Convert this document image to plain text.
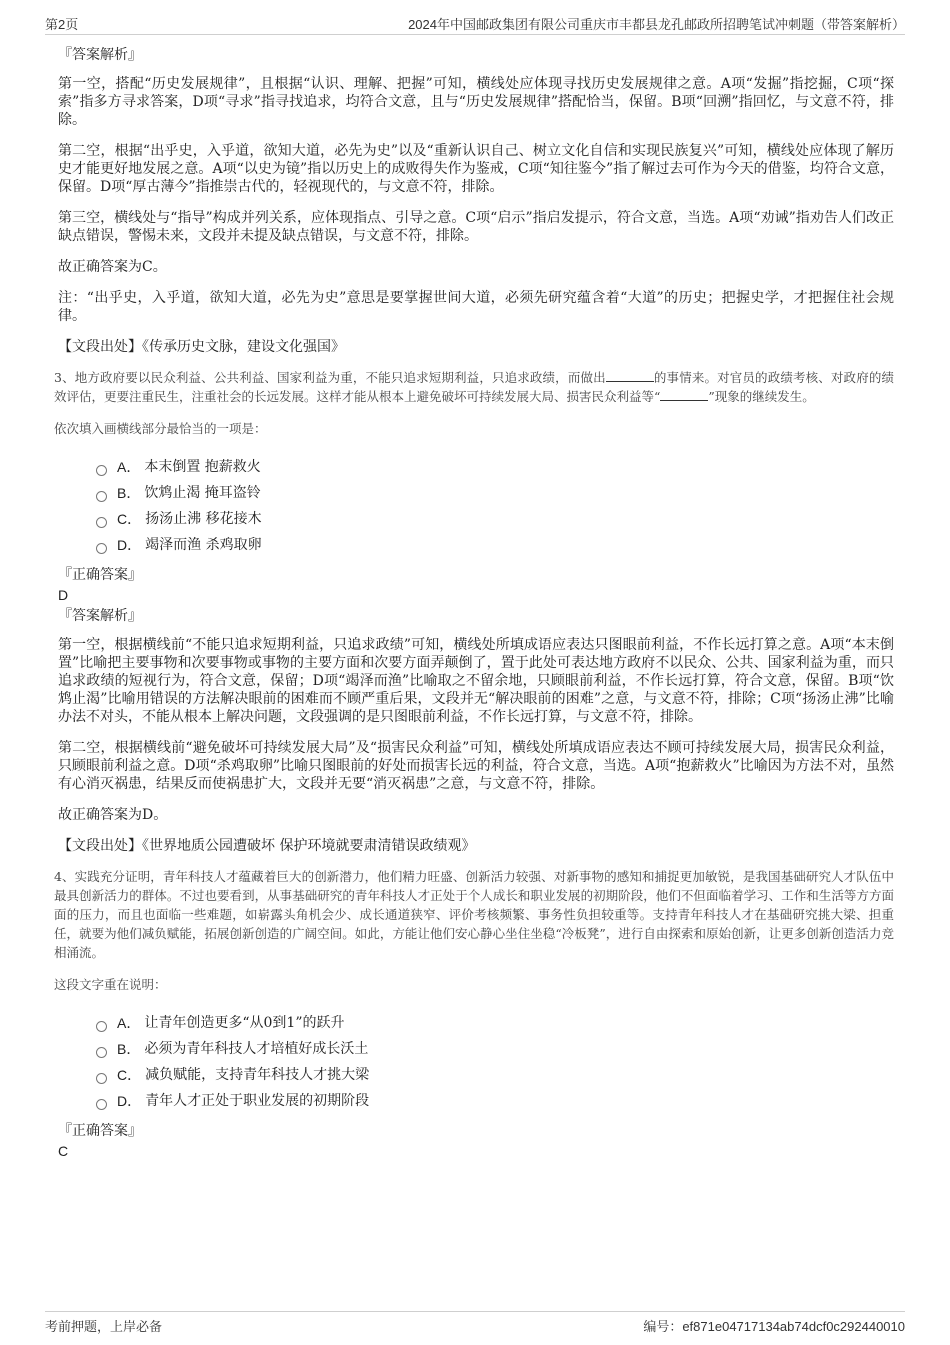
第2页	2024年中国邮政集团有限公司重庆市丰都县龙孔邮政所招聘笔试冲刺题（带答案解析）
『答案解析』

第一空，搭配“历史发展规律”，且根据“认识、理解、把握”可知，横线处应体现寻找历史发展规律之意。A项“发掘”指挖掘，C项“探索”指多方寻求答案，D项“寻求”指寻找追求，均符合文意，且与“历史发展规律”搭配恰当，保留。B项“回溯”指回忆，与文意不符，排除。

第二空，根据“出乎史，入乎道，欲知大道，必先为史”以及“重新认识自己、树立文化自信和实现民族复兴”可知，横线处应体现了解历史才能更好地发展之意。A项“以史为镜”指以历史上的成败得失作为鉴戒，C项“知往鉴今”指了解过去可作为今天的借鉴，均符合文意，保留。D项“厚古薄今”指推崇古代的，轻视现代的，与文意不符，排除。

第三空，横线处与“指导”构成并列关系，应体现指点、引导之意。C项“启示”指启发提示，符合文意，当选。A项“劝诫”指劝告人们改正缺点错误，警惕未来，文段并未提及缺点错误，与文意不符，排除。

故正确答案为C。

注：“出乎史，入乎道，欲知大道，必先为史”意思是要掌握世间大道，必须先研究蕴含着“大道”的历史；把握史学，才把握住社会规律。

【文段出处】《传承历史文脉，建设文化强国》

3、地方政府要以民众利益、公共利益、国家利益为重，不能只追求短期利益，只追求政绩，而做出	的事情来。对官员的政绩考核、对政府的绩效评估，更要注重民生，注重社会的长远发展。这样才能从根本上避免破坏可持续发展大局、损害民众利益等“	”现象的继续发生。

依次填入画横线部分最恰当的一项是：

A． 本末倒置 抱薪救火
B． 饮鸩止渴 掩耳盗铃
C． 扬汤止沸 移花接木
D． 竭泽而渔 杀鸡取卵
『正确答案』
D
『答案解析』

第一空，根据横线前“不能只追求短期利益，只追求政绩”可知，横线处所填成语应表达只图眼前利益，不作长远打算之意。A项“本末倒置”比喻把主要事物和次要事物或事物的主要方面和次要方面弄颠倒了，置于此处可表达地方政府不以民众、公共、国家利益为重，而只追求政绩的短视行为，符合文意，保留；D项“竭泽而渔”比喻取之不留余地，只顾眼前利益，不作长远打算，符合文意，保留。B项“饮鸩止渴”比喻用错误的方法解决眼前的困难而不顾严重后果，文段并无“解决眼前的困难”之意，与文意不符，排除；C项“扬汤止沸”比喻办法不对头，不能从根本上解决问题，文段强调的是只图眼前利益，不作长远打算，与文意不符，排除。

第二空，根据横线前“避免破坏可持续发展大局”及“损害民众利益”可知，横线处所填成语应表达不顾可持续发展大局，损害民众利益，只顾眼前利益之意。D项“杀鸡取卵”比喻只图眼前的好处而损害长远的利益，符合文意，当选。A项“抱薪救火”比喻因为方法不对，虽然有心消灭祸患，结果反而使祸患扩大，文段并无要“消灭祸患”之意，与文意不符，排除。

故正确答案为D。

【文段出处】《世界地质公园遭破坏 保护环境就要肃清错误政绩观》

4、实践充分证明，青年科技人才蕴藏着巨大的创新潜力，他们精力旺盛、创新活力较强、对新事物的感知和捕捉更加敏锐，是我国基础研究人才队伍中最具创新活力的群体。不过也要看到，从事基础研究的青年科技人才正处于个人成长和职业发展的初期阶段，他们不但面临着学习、工作和生活等方方面面的压力，而且也面临一些难题，如崭露头角机会少、成长通道狭窄、评价考核频繁、事务性负担较重等。支持青年科技人才在基础研究挑大梁、担重任，就要为他们减负赋能，拓展创新创造的广阔空间。如此，方能让他们安心静心坐住坐稳“冷板凳”，进行自由探索和原始创新，让更多创新创造活力竞相涌流。

这段文字重在说明：

A． 让青年创造更多“从0到1”的跃升
B． 必须为青年科技人才培植好成长沃土
C． 减负赋能，支持青年科技人才挑大梁
D． 青年人才正处于职业发展的初期阶段
『正确答案』
C
考前押题，上岸必备	编号：ef871e04717134ab74dcf0c292440010
